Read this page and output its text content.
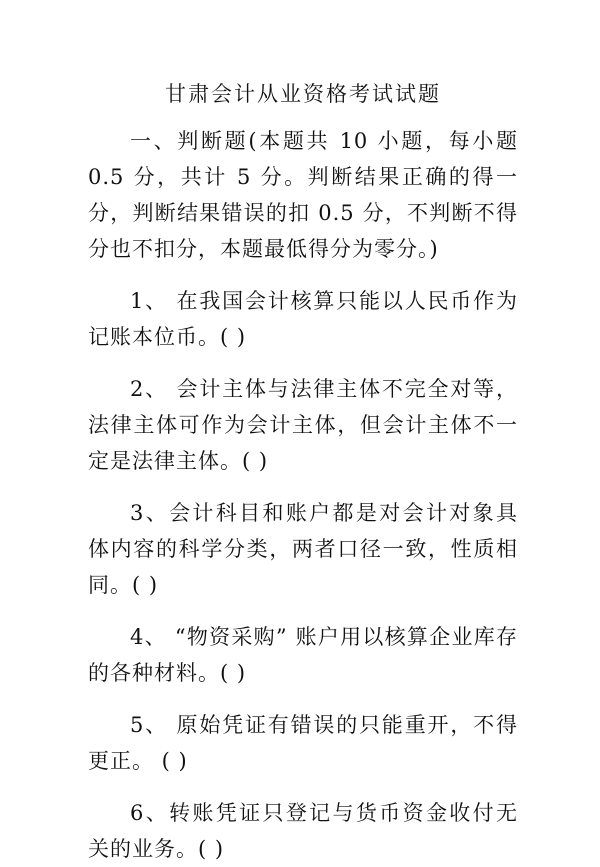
甘肃会计从业资格考试试题

一、判断题(本题共 10 小题，每小题 0.5 分，共计 5 分。判断结果正确的得一分，判断结果错误的扣 0.5 分，不判断不得分也不扣分，本题最低得分为零分。)

1、 在我国会计核算只能以人民币作为记账本位币。( )

2、 会计主体与法律主体不完全对等，法律主体可作为会计主体，但会计主体不一定是法律主体。( )

3、会计科目和账户都是对会计对象具体内容的科学分类，两者口径一致，性质相同。( )

4、 “物资采购” 账户用以核算企业库存的各种材料。( )

5、 原始凭证有错误的只能重开，不得更正。 ( )

6、转账凭证只登记与货币资金收付无关的业务。( )
